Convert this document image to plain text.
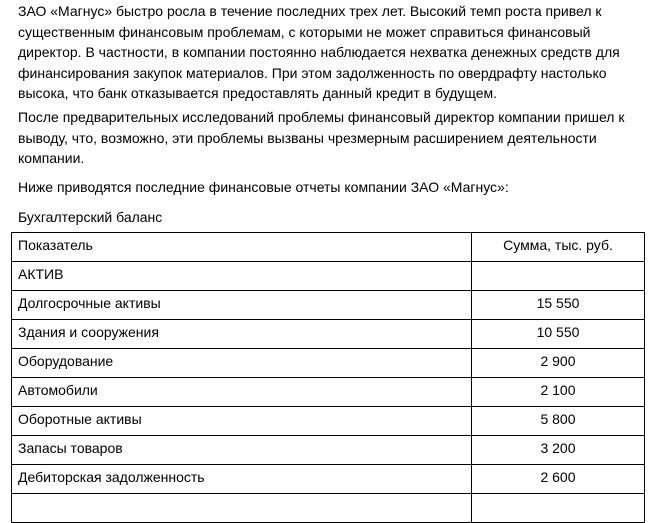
ЗАО «Магнус» быстро росла в течение последних трех лет. Высокий темп роста привел к существенным финансовым проблемам, с которыми не может справиться финансовый директор. В частности, в компании постоянно наблюдается нехватка денежных средств для финансирования закупок материалов. При этом задолженность по овердрафту настолько высока, что банк отказывается предоставлять данный кредит в будущем.

После предварительных исследований проблемы финансовый директор компании пришел к выводу, что, возможно, эти проблемы вызваны чрезмерным расширением деятельности компании.

Ниже приводятся последние финансовые отчеты компании ЗАО «Магнус»:

Бухгалтерский баланс

Показатель	Сумма, тыс. руб.
АКТИВ	
Долгосрочные активы	15 550
Здания и сооружения	10 550
Оборудование	2 900
Автомобили	2 100
Оборотные активы	5 800
Запасы товаров	3 200
Дебиторская задолженность	2 600
